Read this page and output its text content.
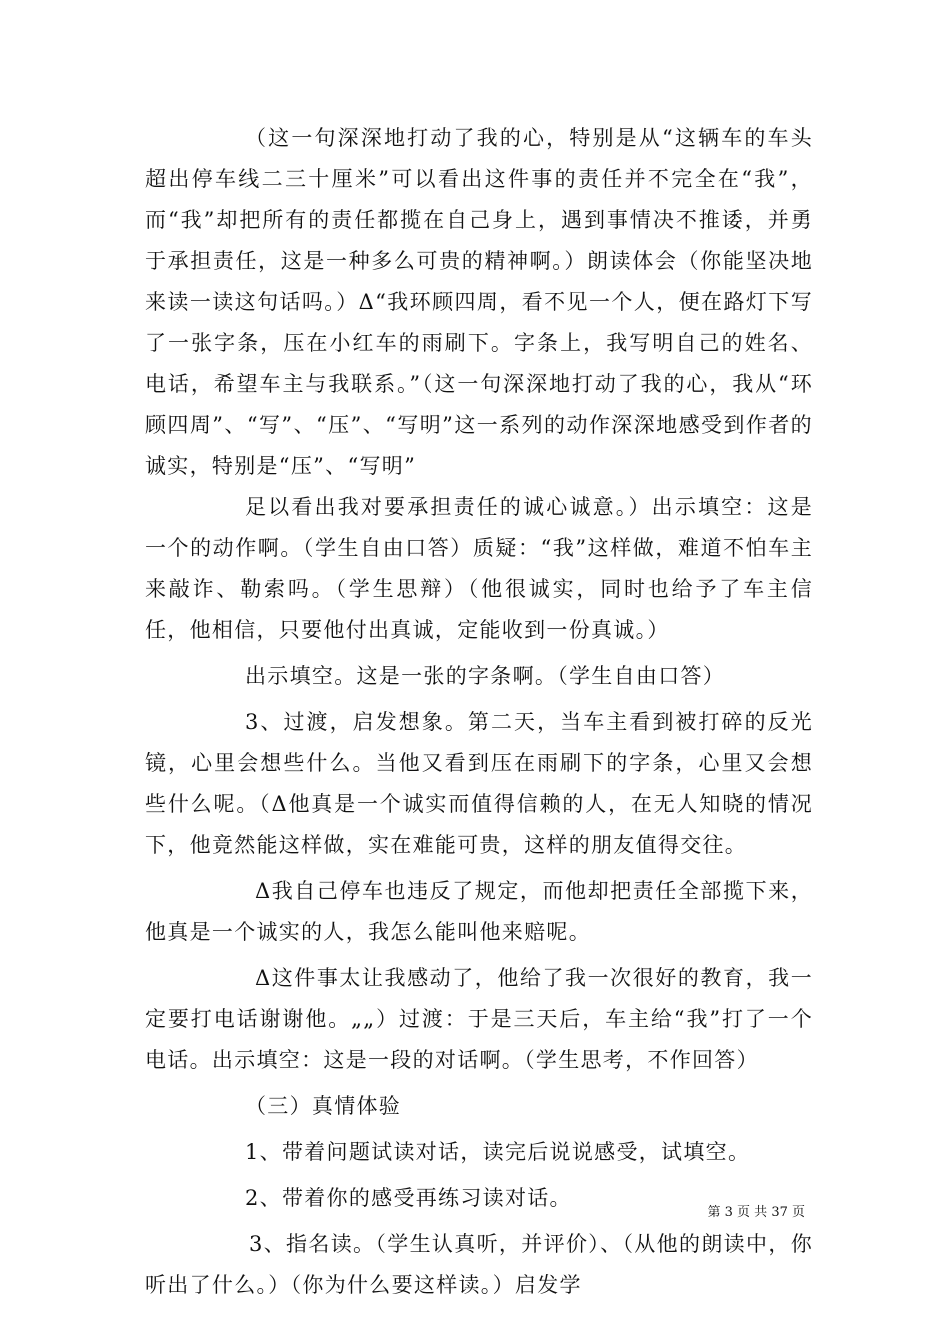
（这一句深深地打动了我的心，特别是从“这辆车的车头超出停车线二三十厘米”可以看出这件事的责任并不完全在“我”，而“我”却把所有的责任都揽在自己身上，遇到事情决不推诿，并勇于承担责任，这是一种多么可贵的精神啊。）朗读体会（你能坚决地来读一读这句话吗。）Δ“我环顾四周，看不见一个人，便在路灯下写了一张字条，压在小红车的雨刷下。字条上，我写明自己的姓名、电话，希望车主与我联系。”（这一句深深地打动了我的心，我从“环顾四周”、“写”、“压”、“写明”这一系列的动作深深地感受到作者的诚实，特别是“压”、“写明”

足以看出我对要承担责任的诚心诚意。）出示填空：这是一个的动作啊。（学生自由口答）质疑：“我”这样做，难道不怕车主来敲诈、勒索吗。（学生思辩）（他很诚实，同时也给予了车主信任，他相信，只要他付出真诚，定能收到一份真诚。）

出示填空。这是一张的字条啊。（学生自由口答）

3、过渡，启发想象。第二天，当车主看到被打碎的反光镜，心里会想些什么。当他又看到压在雨刷下的字条，心里又会想些什么呢。（Δ他真是一个诚实而值得信赖的人，在无人知晓的情况下，他竟然能这样做，实在难能可贵，这样的朋友值得交往。

Δ我自己停车也违反了规定，而他却把责任全部揽下来，他真是一个诚实的人，我怎么能叫他来赔呢。

Δ这件事太让我感动了，他给了我一次很好的教育，我一定要打电话谢谢他。„„）过渡：于是三天后，车主给“我”打了一个电话。出示填空：这是一段的对话啊。（学生思考，不作回答）

（三）真情体验

1、带着问题试读对话，读完后说说感受，试填空。

2、带着你的感受再练习读对话。

3、指名读。（学生认真听，并评价）、（从他的朗读中，你听出了什么。）（你为什么要这样读。）启发学

第 3 页 共 37 页
